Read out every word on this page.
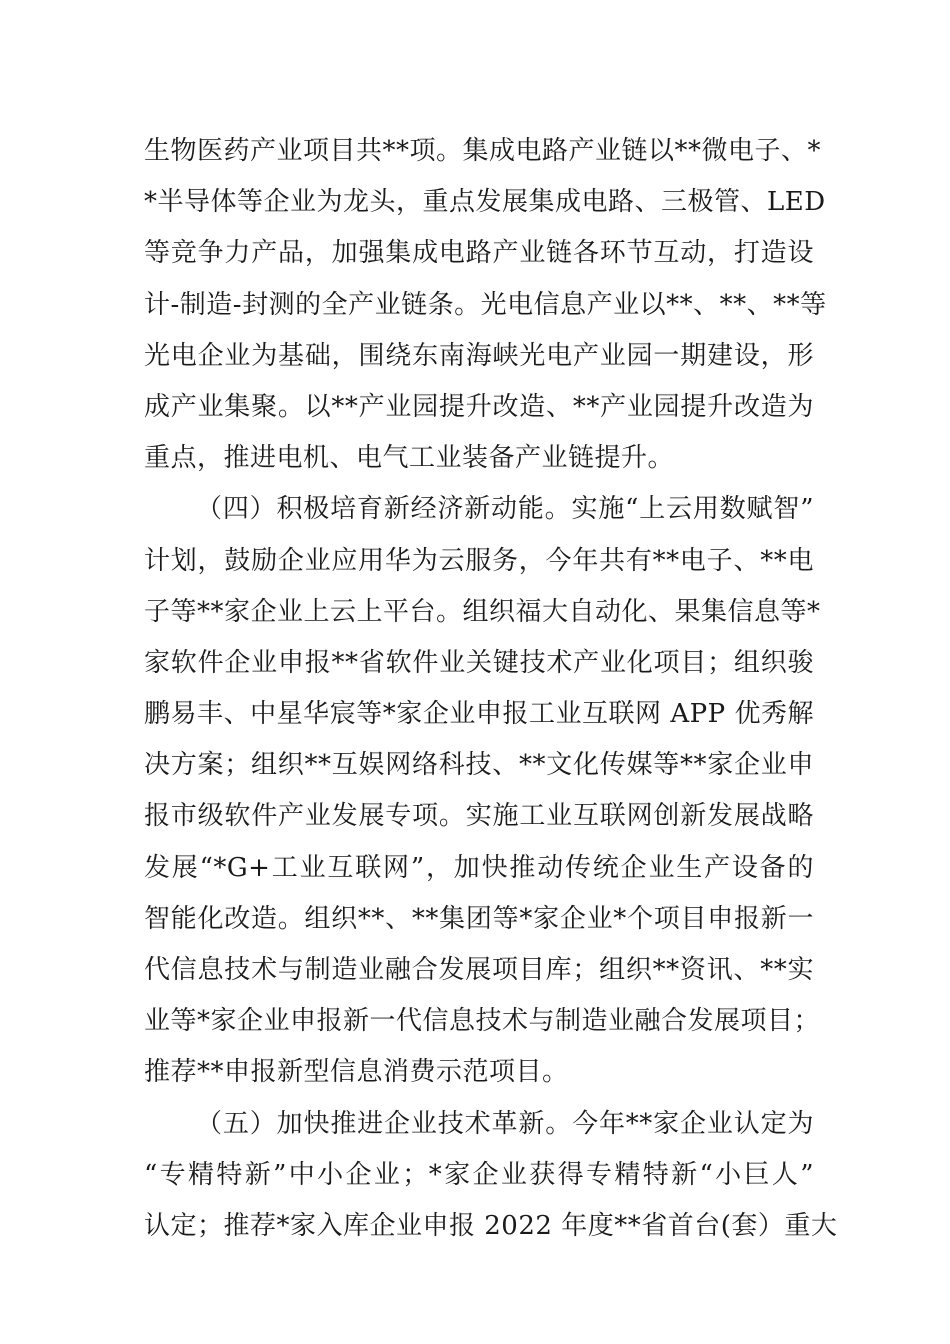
生物医药产业项目共**项。集成电路产业链以**微电子、*
*半导体等企业为龙头，重点发展集成电路、三极管、LED
等竞争力产品，加强集成电路产业链各环节互动，打造设
计-制造-封测的全产业链条。光电信息产业以**、**、**等
光电企业为基础，围绕东南海峡光电产业园一期建设，形
成产业集聚。以**产业园提升改造、**产业园提升改造为
重点，推进电机、电气工业装备产业链提升。
（四）积极培育新经济新动能。实施“上云用数赋智”
计划，鼓励企业应用华为云服务，今年共有**电子、**电
子等**家企业上云上平台。组织福大自动化、果集信息等*
家软件企业申报**省软件业关键技术产业化项目；组织骏
鹏易丰、中星华宸等*家企业申报工业互联网 APP 优秀解
决方案；组织**互娱网络科技、**文化传媒等**家企业申
报市级软件产业发展专项。实施工业互联网创新发展战略
发展“*G+工业互联网”，加快推动传统企业生产设备的
智能化改造。组织**、**集团等*家企业*个项目申报新一
代信息技术与制造业融合发展项目库；组织**资讯、**实
业等*家企业申报新一代信息技术与制造业融合发展项目；
推荐**申报新型信息消费示范项目。
（五）加快推进企业技术革新。今年**家企业认定为
“专精特新”中小企业；*家企业获得专精特新“小巨人”
认定；推荐*家入库企业申报 2022 年度**省首台(套）重大
